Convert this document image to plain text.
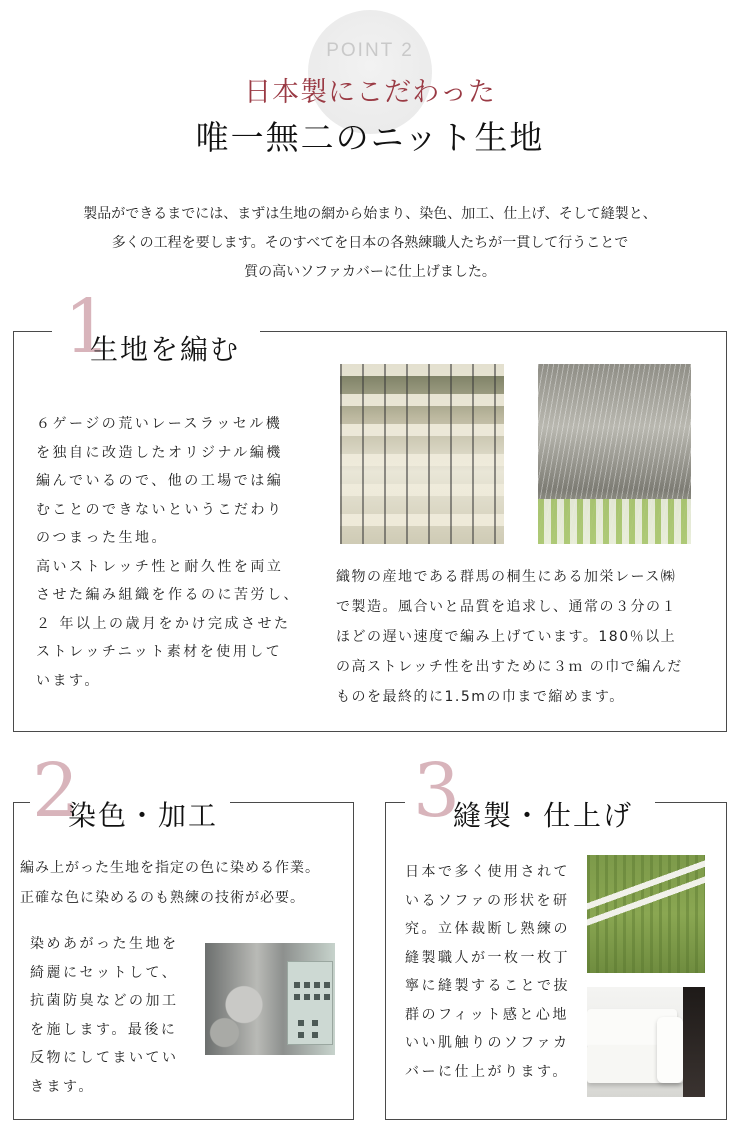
POINT 2
日本製にこだわった
唯一無二のニット生地
製品ができるまでには、まずは生地の網から始まり、染色、加工、仕上げ、そして縫製と、
多くの工程を要します。そのすべてを日本の各熟練職人たちが一貫して行うことで
質の高いソファカバーに仕上げました。
1
生地を編む
６ゲージの荒いレースラッセル機
を独自に改造したオリジナル編機
編んでいるので、他の工場では編
むことのできないというこだわり
のつまった生地。
高いストレッチ性と耐久性を両立
させた編み組織を作るのに苦労し、
２ 年以上の歳月をかけ完成させた
ストレッチニット素材を使用して
います。
織物の産地である群馬の桐生にある加栄レース㈱
で製造。風合いと品質を追求し、通常の３分の１
ほどの遅い速度で編み上げています。180％以上
の高ストレッチ性を出すために３ｍ の巾で編んだ
ものを最終的に1.5mの巾まで縮めます。
2
染色・加工
編み上がった生地を指定の色に染める作業。
正確な色に染めるのも熟練の技術が必要。
染めあがった生地を
綺麗にセットして、
抗菌防臭などの加工
を施します。最後に
反物にしてまいてい
きます。
3
縫製・仕上げ
日本で多く使用されて
いるソファの形状を研
究。立体裁断し熟練の
縫製職人が一枚一枚丁
寧に縫製することで抜
群のフィット感と心地
いい肌触りのソファカ
バーに仕上がります。
